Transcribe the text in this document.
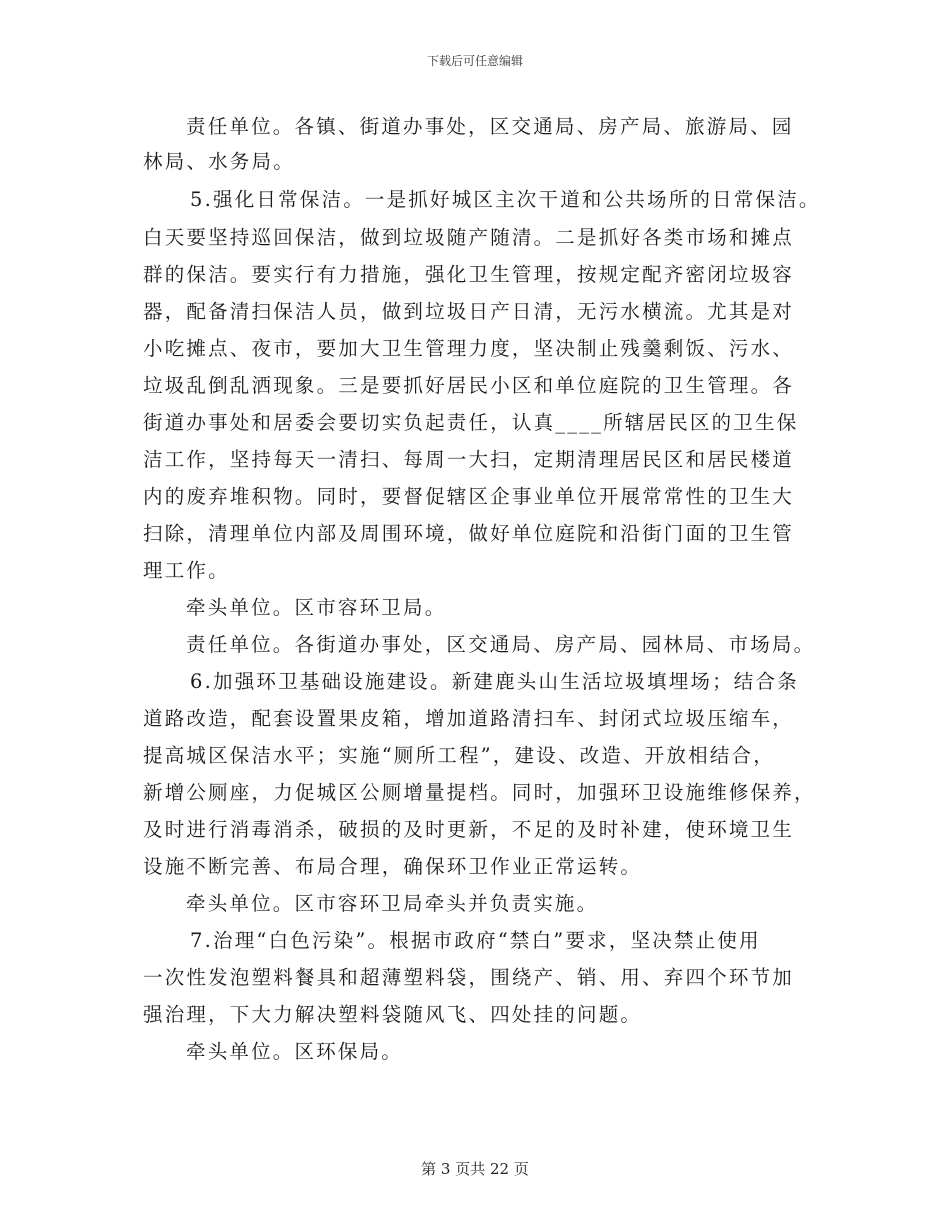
下载后可任意编辑
责任单位。各镇、街道办事处，区交通局、房产局、旅游局、园
林局、水务局。
5.强化日常保洁。一是抓好城区主次干道和公共场所的日常保洁。
白天要坚持巡回保洁，做到垃圾随产随清。二是抓好各类市场和摊点
群的保洁。要实行有力措施，强化卫生管理，按规定配齐密闭垃圾容
器，配备清扫保洁人员，做到垃圾日产日清，无污水横流。尤其是对
小吃摊点、夜市，要加大卫生管理力度，坚决制止残羹剩饭、污水、
垃圾乱倒乱洒现象。三是要抓好居民小区和单位庭院的卫生管理。各
街道办事处和居委会要切实负起责任，认真____所辖居民区的卫生保
洁工作，坚持每天一清扫、每周一大扫，定期清理居民区和居民楼道
内的废弃堆积物。同时，要督促辖区企事业单位开展常常性的卫生大
扫除，清理单位内部及周围环境，做好单位庭院和沿街门面的卫生管
理工作。
牵头单位。区市容环卫局。
责任单位。各街道办事处，区交通局、房产局、园林局、市场局。
6.加强环卫基础设施建设。新建鹿头山生活垃圾填埋场；结合条
道路改造，配套设置果皮箱，增加道路清扫车、封闭式垃圾压缩车，
提高城区保洁水平；实施“厕所工程”，建设、改造、开放相结合，
新增公厕座，力促城区公厕增量提档。同时，加强环卫设施维修保养，
及时进行消毒消杀，破损的及时更新，不足的及时补建，使环境卫生
设施不断完善、布局合理，确保环卫作业正常运转。
牵头单位。区市容环卫局牵头并负责实施。
7.治理“白色污染”。根据市政府“禁白”要求，坚决禁止使用
一次性发泡塑料餐具和超薄塑料袋，围绕产、销、用、弃四个环节加
强治理，下大力解决塑料袋随风飞、四处挂的问题。
牵头单位。区环保局。
第 3 页共 22 页
